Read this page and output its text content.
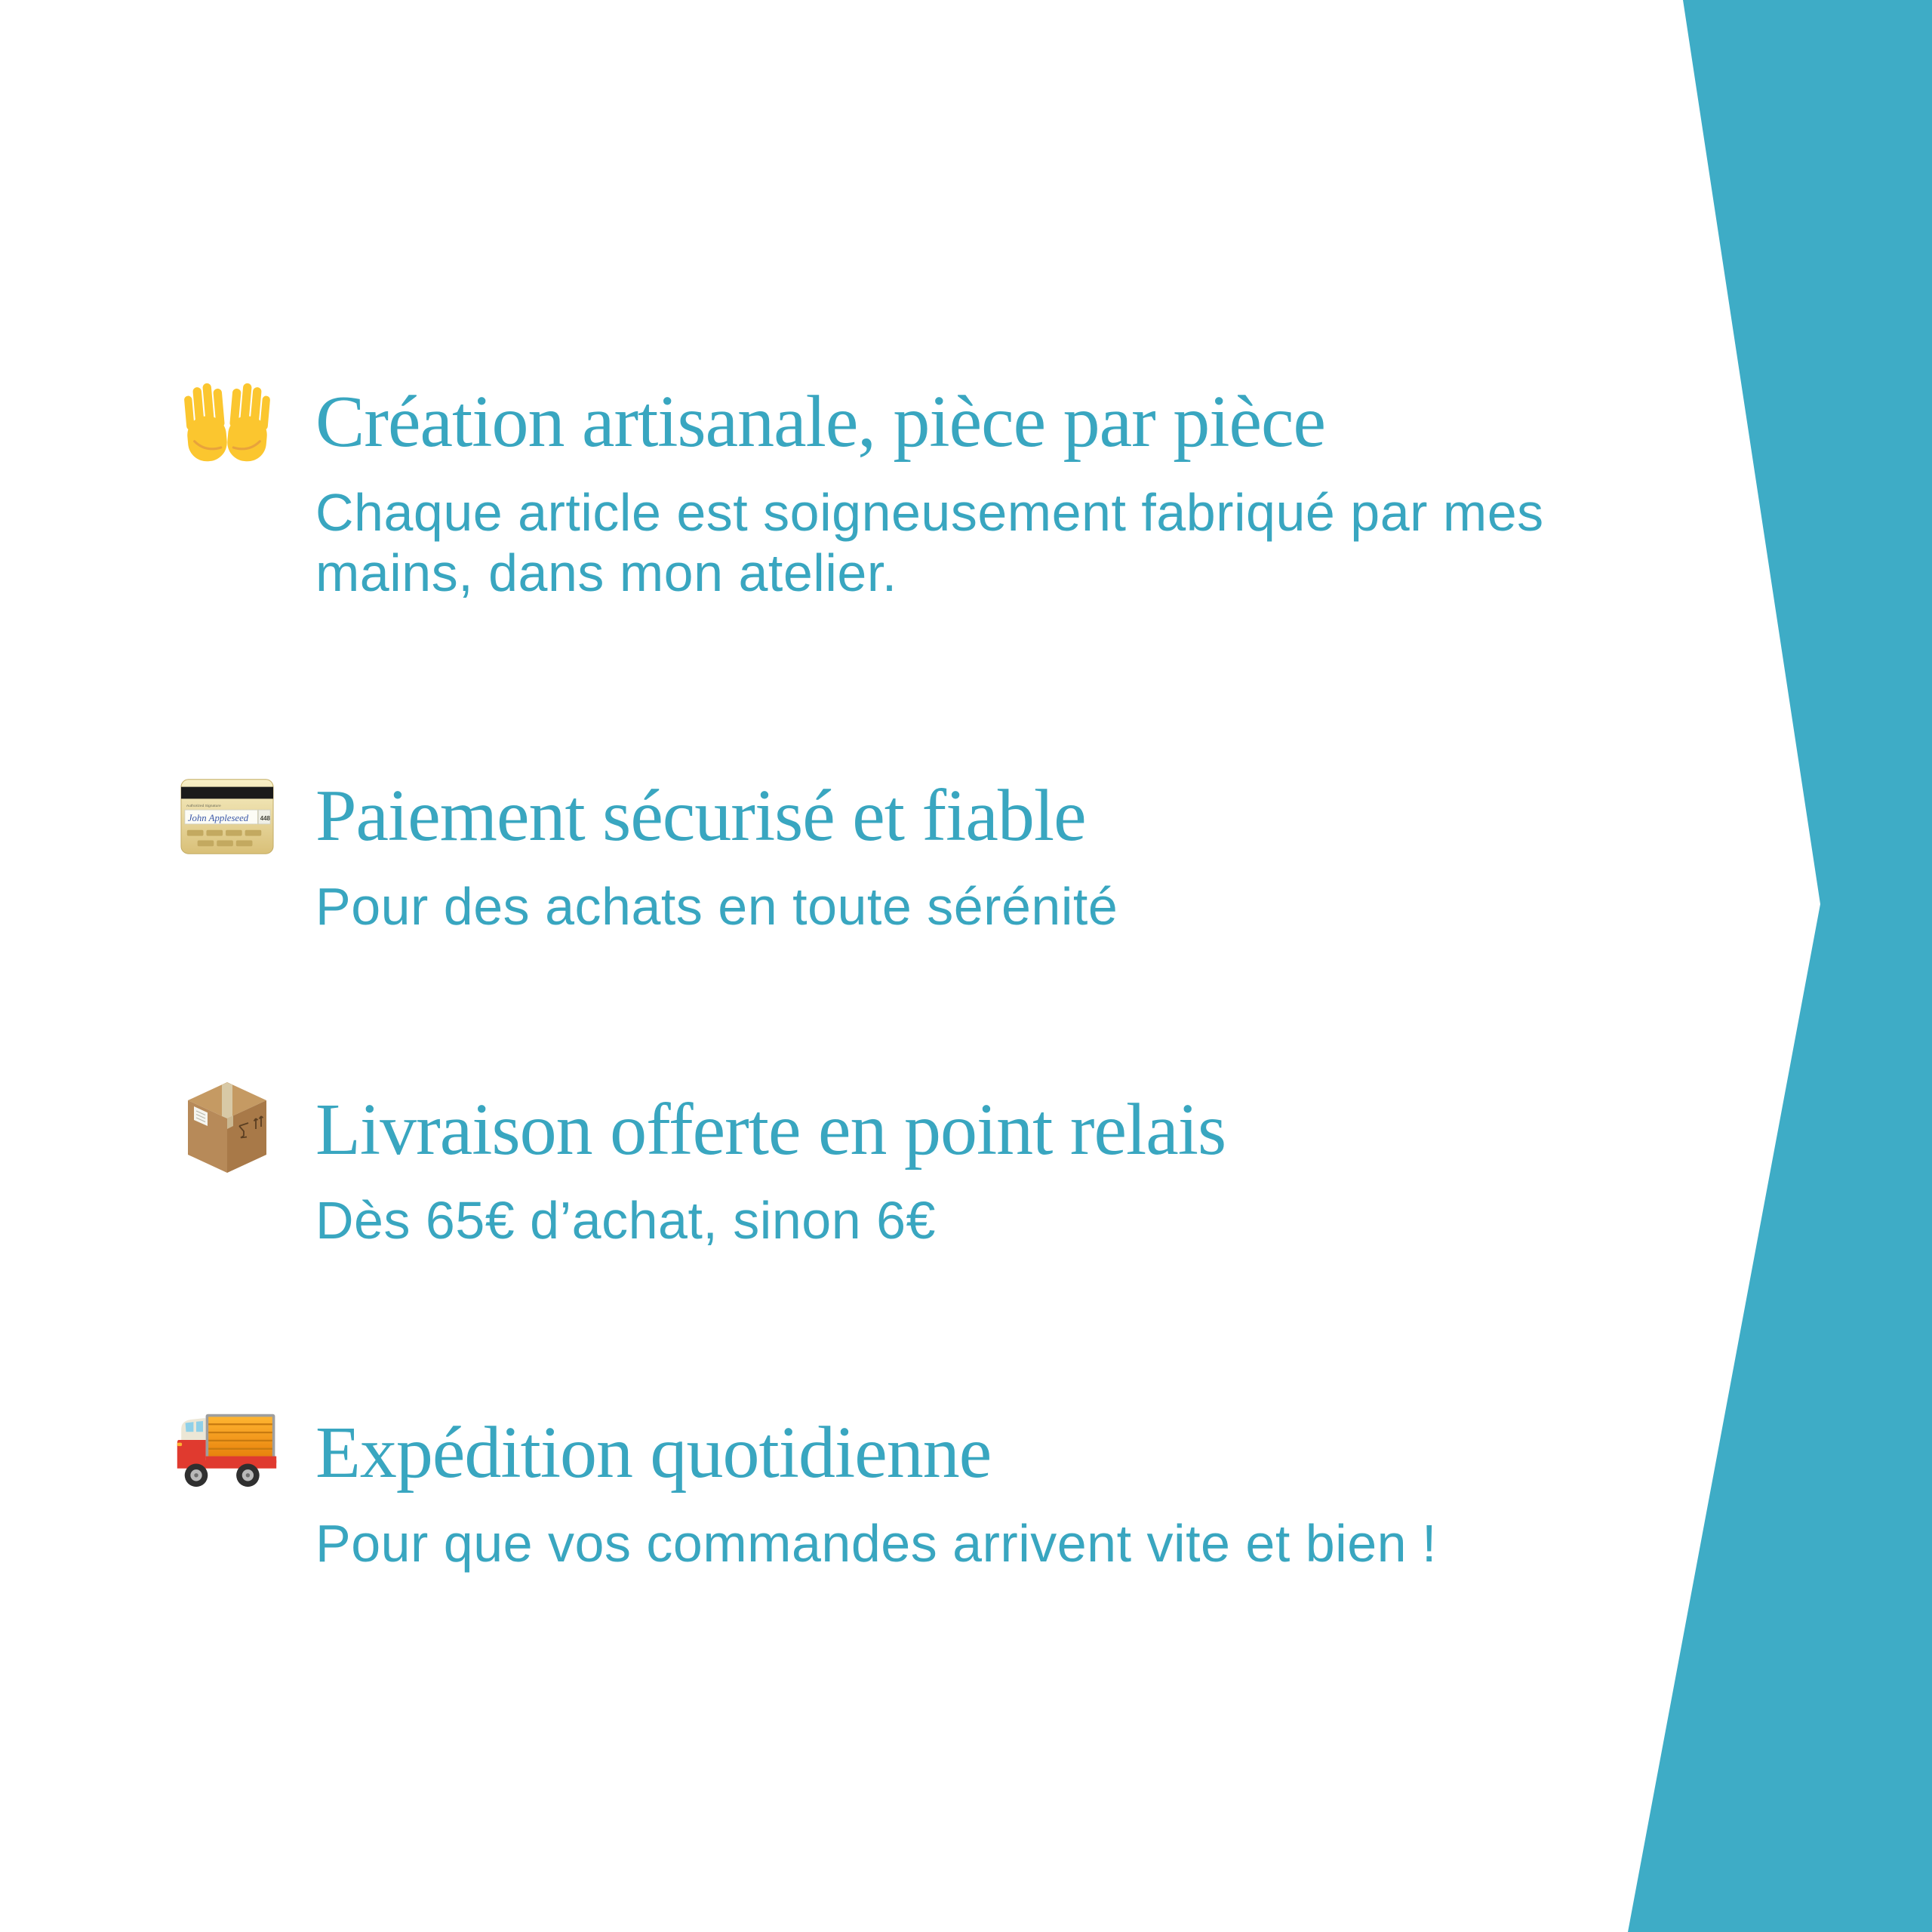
Création artisanale, pièce par pièce
Chaque article est soigneusement fabriqué par mes mains, dans mon atelier.
Authorized Signature
John Appleseed 448 Paiement sécurisé et fiable
Pour des achats en toute sérénité
Livraison offerte en point relais
Dès 65€ d’achat, sinon 6€
Expédition quotidienne
Pour que vos commandes arrivent vite et bien !
